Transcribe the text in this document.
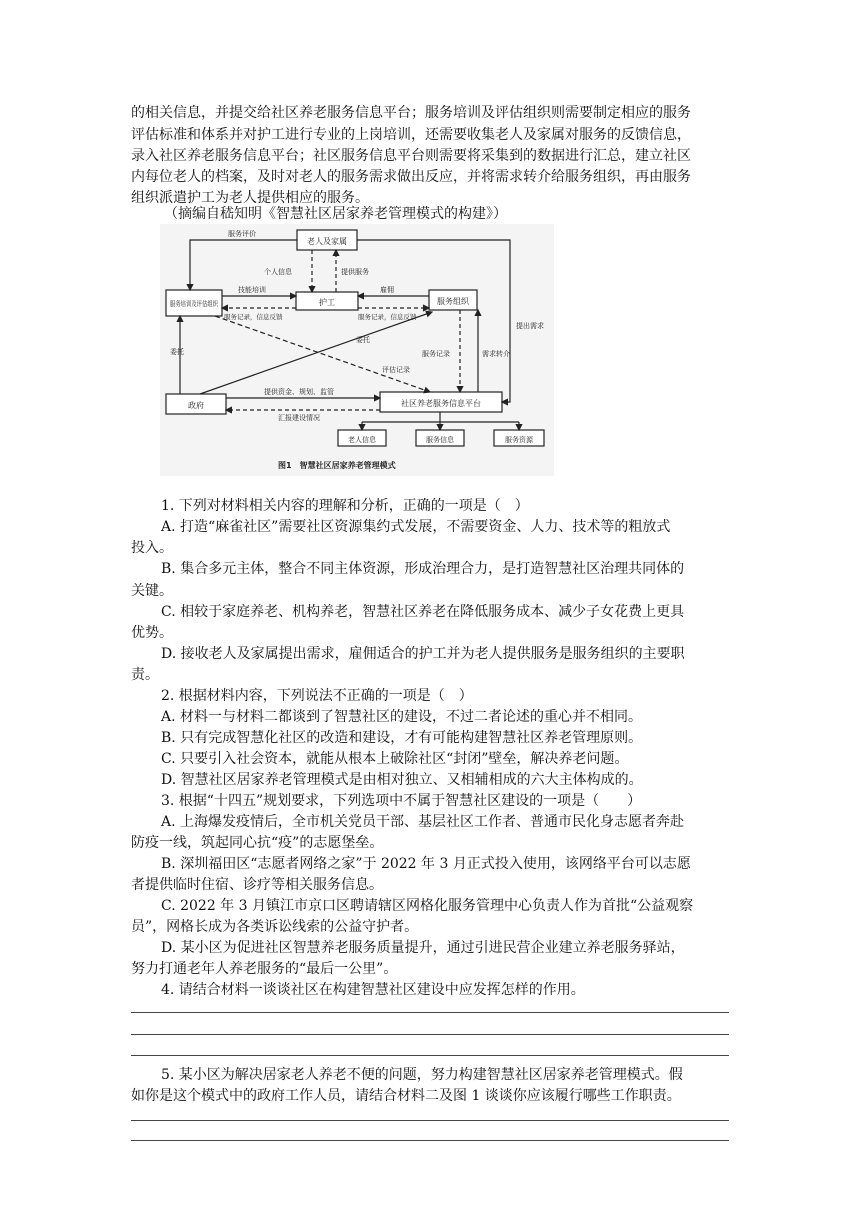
的相关信息，并提交给社区养老服务信息平台；服务培训及评估组织则需要制定相应的服务
评估标准和体系并对护工进行专业的上岗培训，还需要收集老人及家属对服务的反馈信息，
录入社区养老服务信息平台；社区服务信息平台则需要将采集到的数据进行汇总，建立社区
内每位老人的档案，及时对老人的服务需求做出反应，并将需求转介给服务组织，再由服务
组织派遣护工为老人提供相应的服务。
（摘编自嵇知明《智慧社区居家养老管理模式的构建》）
老人及家属
服务培训及评估组织	护工	服务组织
政府	社区养老服务信息平台
老人信息	服务信息	服务资源
服务评价
个人信息	提供服务
技能培训	雇佣
服务记录，信息反馈	服务记录，信息反馈
提出需求
委托
委托
评估记录
服务记录	需求转介
提供资金、规划、监管
汇报建设情况
图1　智慧社区居家养老管理模式
1. 下列对材料相关内容的理解和分析，正确的一项是（　）
A. 打造“麻雀社区”需要社区资源集约式发展，不需要资金、人力、技术等的粗放式
投入。
B. 集合多元主体，整合不同主体资源，形成治理合力，是打造智慧社区治理共同体的
关键。
C. 相较于家庭养老、机构养老，智慧社区养老在降低服务成本、减少子女花费上更具
优势。
D. 接收老人及家属提出需求，雇佣适合的护工并为老人提供服务是服务组织的主要职
责。
2. 根据材料内容，下列说法不正确的一项是（　）
A. 材料一与材料二都谈到了智慧社区的建设，不过二者论述的重心并不相同。
B. 只有完成智慧化社区的改造和建设，才有可能构建智慧社区养老管理原则。
C. 只要引入社会资本，就能从根本上破除社区“封闭”壁垒，解决养老问题。
D. 智慧社区居家养老管理模式是由相对独立、又相辅相成的六大主体构成的。
3. 根据“十四五”规划要求，下列选项中不属于智慧社区建设的一项是（　　）
A. 上海爆发疫情后，全市机关党员干部、基层社区工作者、普通市民化身志愿者奔赴
防疫一线，筑起同心抗“疫”的志愿堡垒。
B. 深圳福田区“志愿者网络之家”于 2022 年 3 月正式投入使用，该网络平台可以志愿
者提供临时住宿、诊疗等相关服务信息。
C. 2022 年 3 月镇江市京口区聘请辖区网格化服务管理中心负责人作为首批“公益观察
员”，网格长成为各类诉讼线索的公益守护者。
D. 某小区为促进社区智慧养老服务质量提升，通过引进民营企业建立养老服务驿站，
努力打通老年人养老服务的“最后一公里”。
4. 请结合材料一谈谈社区在构建智慧社区建设中应发挥怎样的作用。
5. 某小区为解决居家老人养老不便的问题，努力构建智慧社区居家养老管理模式。假
如你是这个模式中的政府工作人员，请结合材料二及图 1 谈谈你应该履行哪些工作职责。
